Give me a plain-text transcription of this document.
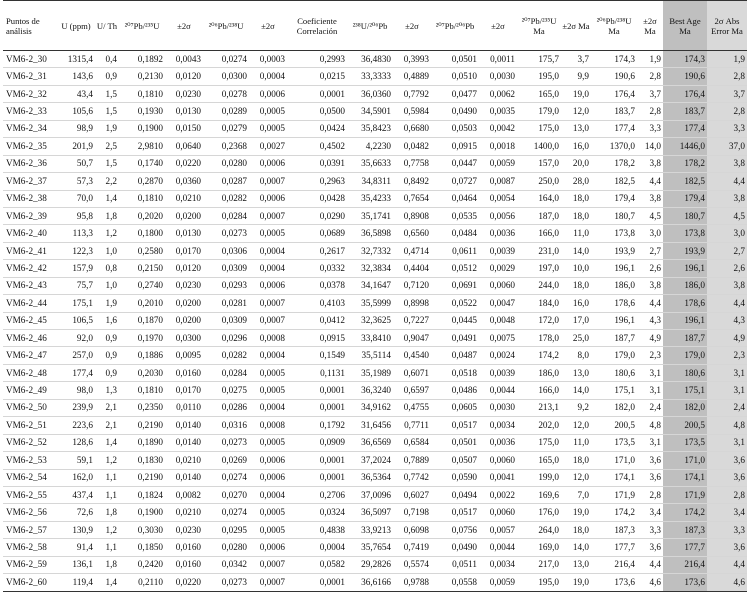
Puntos de análisis	U (ppm)	U/ Th	²⁰⁷Pb/²³⁵U	±2σ	²⁰⁶Pb/²³⁸U	±2σ	Coeficiente Correlación	²³⁸U/²⁰⁶Pb	±2σ	²⁰⁷Pb/²⁰⁶Pb	±2σ	²⁰⁷Pb/²³⁵U Ma	±2σ Ma	²⁰⁶Pb/²³⁸U Ma	±2σ Ma	Best Age Ma	2σ Abs Error Ma
VM6-2_30	1315,4	0,4	0,1892	0,0043	0,0274	0,0003	0,2993	36,4830	0,3993	0,0501	0,0011	175,7	3,7	174,3	1,9	174,3	1,9
VM6-2_31	143,6	0,9	0,2130	0,0120	0,0300	0,0004	0,0215	33,3333	0,4889	0,0510	0,0030	195,0	9,9	190,6	2,8	190,6	2,8
VM6-2_32	43,4	1,5	0,1810	0,0230	0,0278	0,0006	0,0001	36,0360	0,7792	0,0477	0,0062	165,0	19,0	176,4	3,7	176,4	3,7
VM6-2_33	105,6	1,5	0,1930	0,0130	0,0289	0,0005	0,0500	34,5901	0,5984	0,0490	0,0035	179,0	12,0	183,7	2,8	183,7	2,8
VM6-2_34	98,9	1,9	0,1900	0,0150	0,0279	0,0005	0,0424	35,8423	0,6680	0,0503	0,0042	175,0	13,0	177,4	3,3	177,4	3,3
VM6-2_35	201,9	2,5	2,9810	0,0640	0,2368	0,0027	0,4502	4,2230	0,0482	0,0915	0,0018	1400,0	16,0	1370,0	14,0	1446,0	37,0
VM6-2_36	50,7	1,5	0,1740	0,0220	0,0280	0,0006	0,0391	35,6633	0,7758	0,0447	0,0059	157,0	20,0	178,2	3,8	178,2	3,8
VM6-2_37	57,3	2,2	0,2870	0,0360	0,0287	0,0007	0,2963	34,8311	0,8492	0,0727	0,0087	250,0	28,0	182,5	4,4	182,5	4,4
VM6-2_38	70,0	1,4	0,1810	0,0210	0,0282	0,0006	0,0428	35,4233	0,7654	0,0464	0,0054	164,0	18,0	179,4	3,8	179,4	3,8
VM6-2_39	95,8	1,8	0,2020	0,0200	0,0284	0,0007	0,0290	35,1741	0,8908	0,0535	0,0056	187,0	18,0	180,7	4,5	180,7	4,5
VM6-2_40	113,3	1,2	0,1800	0,0130	0,0273	0,0005	0,0689	36,5898	0,6560	0,0484	0,0036	166,0	11,0	173,8	3,0	173,8	3,0
VM6-2_41	122,3	1,0	0,2580	0,0170	0,0306	0,0004	0,2617	32,7332	0,4714	0,0611	0,0039	231,0	14,0	193,9	2,7	193,9	2,7
VM6-2_42	157,9	0,8	0,2150	0,0120	0,0309	0,0004	0,0332	32,3834	0,4404	0,0512	0,0029	197,0	10,0	196,1	2,6	196,1	2,6
VM6-2_43	75,7	1,0	0,2740	0,0230	0,0293	0,0006	0,0378	34,1647	0,7120	0,0691	0,0060	244,0	18,0	186,0	3,8	186,0	3,8
VM6-2_44	175,1	1,9	0,2010	0,0200	0,0281	0,0007	0,4103	35,5999	0,8998	0,0522	0,0047	184,0	16,0	178,6	4,4	178,6	4,4
VM6-2_45	106,5	1,6	0,1870	0,0200	0,0309	0,0007	0,0412	32,3625	0,7227	0,0445	0,0048	172,0	17,0	196,1	4,3	196,1	4,3
VM6-2_46	92,0	0,9	0,1970	0,0300	0,0296	0,0008	0,0915	33,8410	0,9047	0,0491	0,0075	178,0	25,0	187,7	4,9	187,7	4,9
VM6-2_47	257,0	0,9	0,1886	0,0095	0,0282	0,0004	0,1549	35,5114	0,4540	0,0487	0,0024	174,2	8,0	179,0	2,3	179,0	2,3
VM6-2_48	177,4	0,9	0,2030	0,0160	0,0284	0,0005	0,1131	35,1989	0,6071	0,0518	0,0039	186,0	13,0	180,6	3,1	180,6	3,1
VM6-2_49	98,0	1,3	0,1810	0,0170	0,0275	0,0005	0,0001	36,3240	0,6597	0,0486	0,0044	166,0	14,0	175,1	3,1	175,1	3,1
VM6-2_50	239,9	2,1	0,2350	0,0110	0,0286	0,0004	0,0001	34,9162	0,4755	0,0605	0,0030	213,1	9,2	182,0	2,4	182,0	2,4
VM6-2_51	223,6	2,1	0,2190	0,0140	0,0316	0,0008	0,1792	31,6456	0,7711	0,0517	0,0034	202,0	12,0	200,5	4,8	200,5	4,8
VM6-2_52	128,6	1,4	0,1890	0,0140	0,0273	0,0005	0,0909	36,6569	0,6584	0,0501	0,0036	175,0	11,0	173,5	3,1	173,5	3,1
VM6-2_53	59,1	1,2	0,1830	0,0210	0,0269	0,0006	0,0001	37,2024	0,7889	0,0507	0,0060	165,0	18,0	171,0	3,6	171,0	3,6
VM6-2_54	162,0	1,1	0,2190	0,0140	0,0274	0,0006	0,0001	36,5364	0,7742	0,0590	0,0041	199,0	12,0	174,1	3,6	174,1	3,6
VM6-2_55	437,4	1,1	0,1824	0,0082	0,0270	0,0004	0,2706	37,0096	0,6027	0,0494	0,0022	169,6	7,0	171,9	2,8	171,9	2,8
VM6-2_56	72,6	1,8	0,1900	0,0210	0,0274	0,0005	0,0324	36,5097	0,7198	0,0517	0,0060	176,0	19,0	174,2	3,4	174,2	3,4
VM6-2_57	130,9	1,2	0,3030	0,0230	0,0295	0,0005	0,4838	33,9213	0,6098	0,0756	0,0057	264,0	18,0	187,3	3,3	187,3	3,3
VM6-2_58	91,4	1,1	0,1850	0,0160	0,0280	0,0006	0,0004	35,7654	0,7419	0,0490	0,0044	169,0	14,0	177,7	3,6	177,7	3,6
VM6-2_59	136,1	1,8	0,2420	0,0160	0,0342	0,0007	0,0582	29,2826	0,5574	0,0511	0,0034	217,0	13,0	216,4	4,4	216,4	4,4
VM6-2_60	119,4	1,4	0,2110	0,0220	0,0273	0,0007	0,0001	36,6166	0,9788	0,0558	0,0059	195,0	19,0	173,6	4,6	173,6	4,6
